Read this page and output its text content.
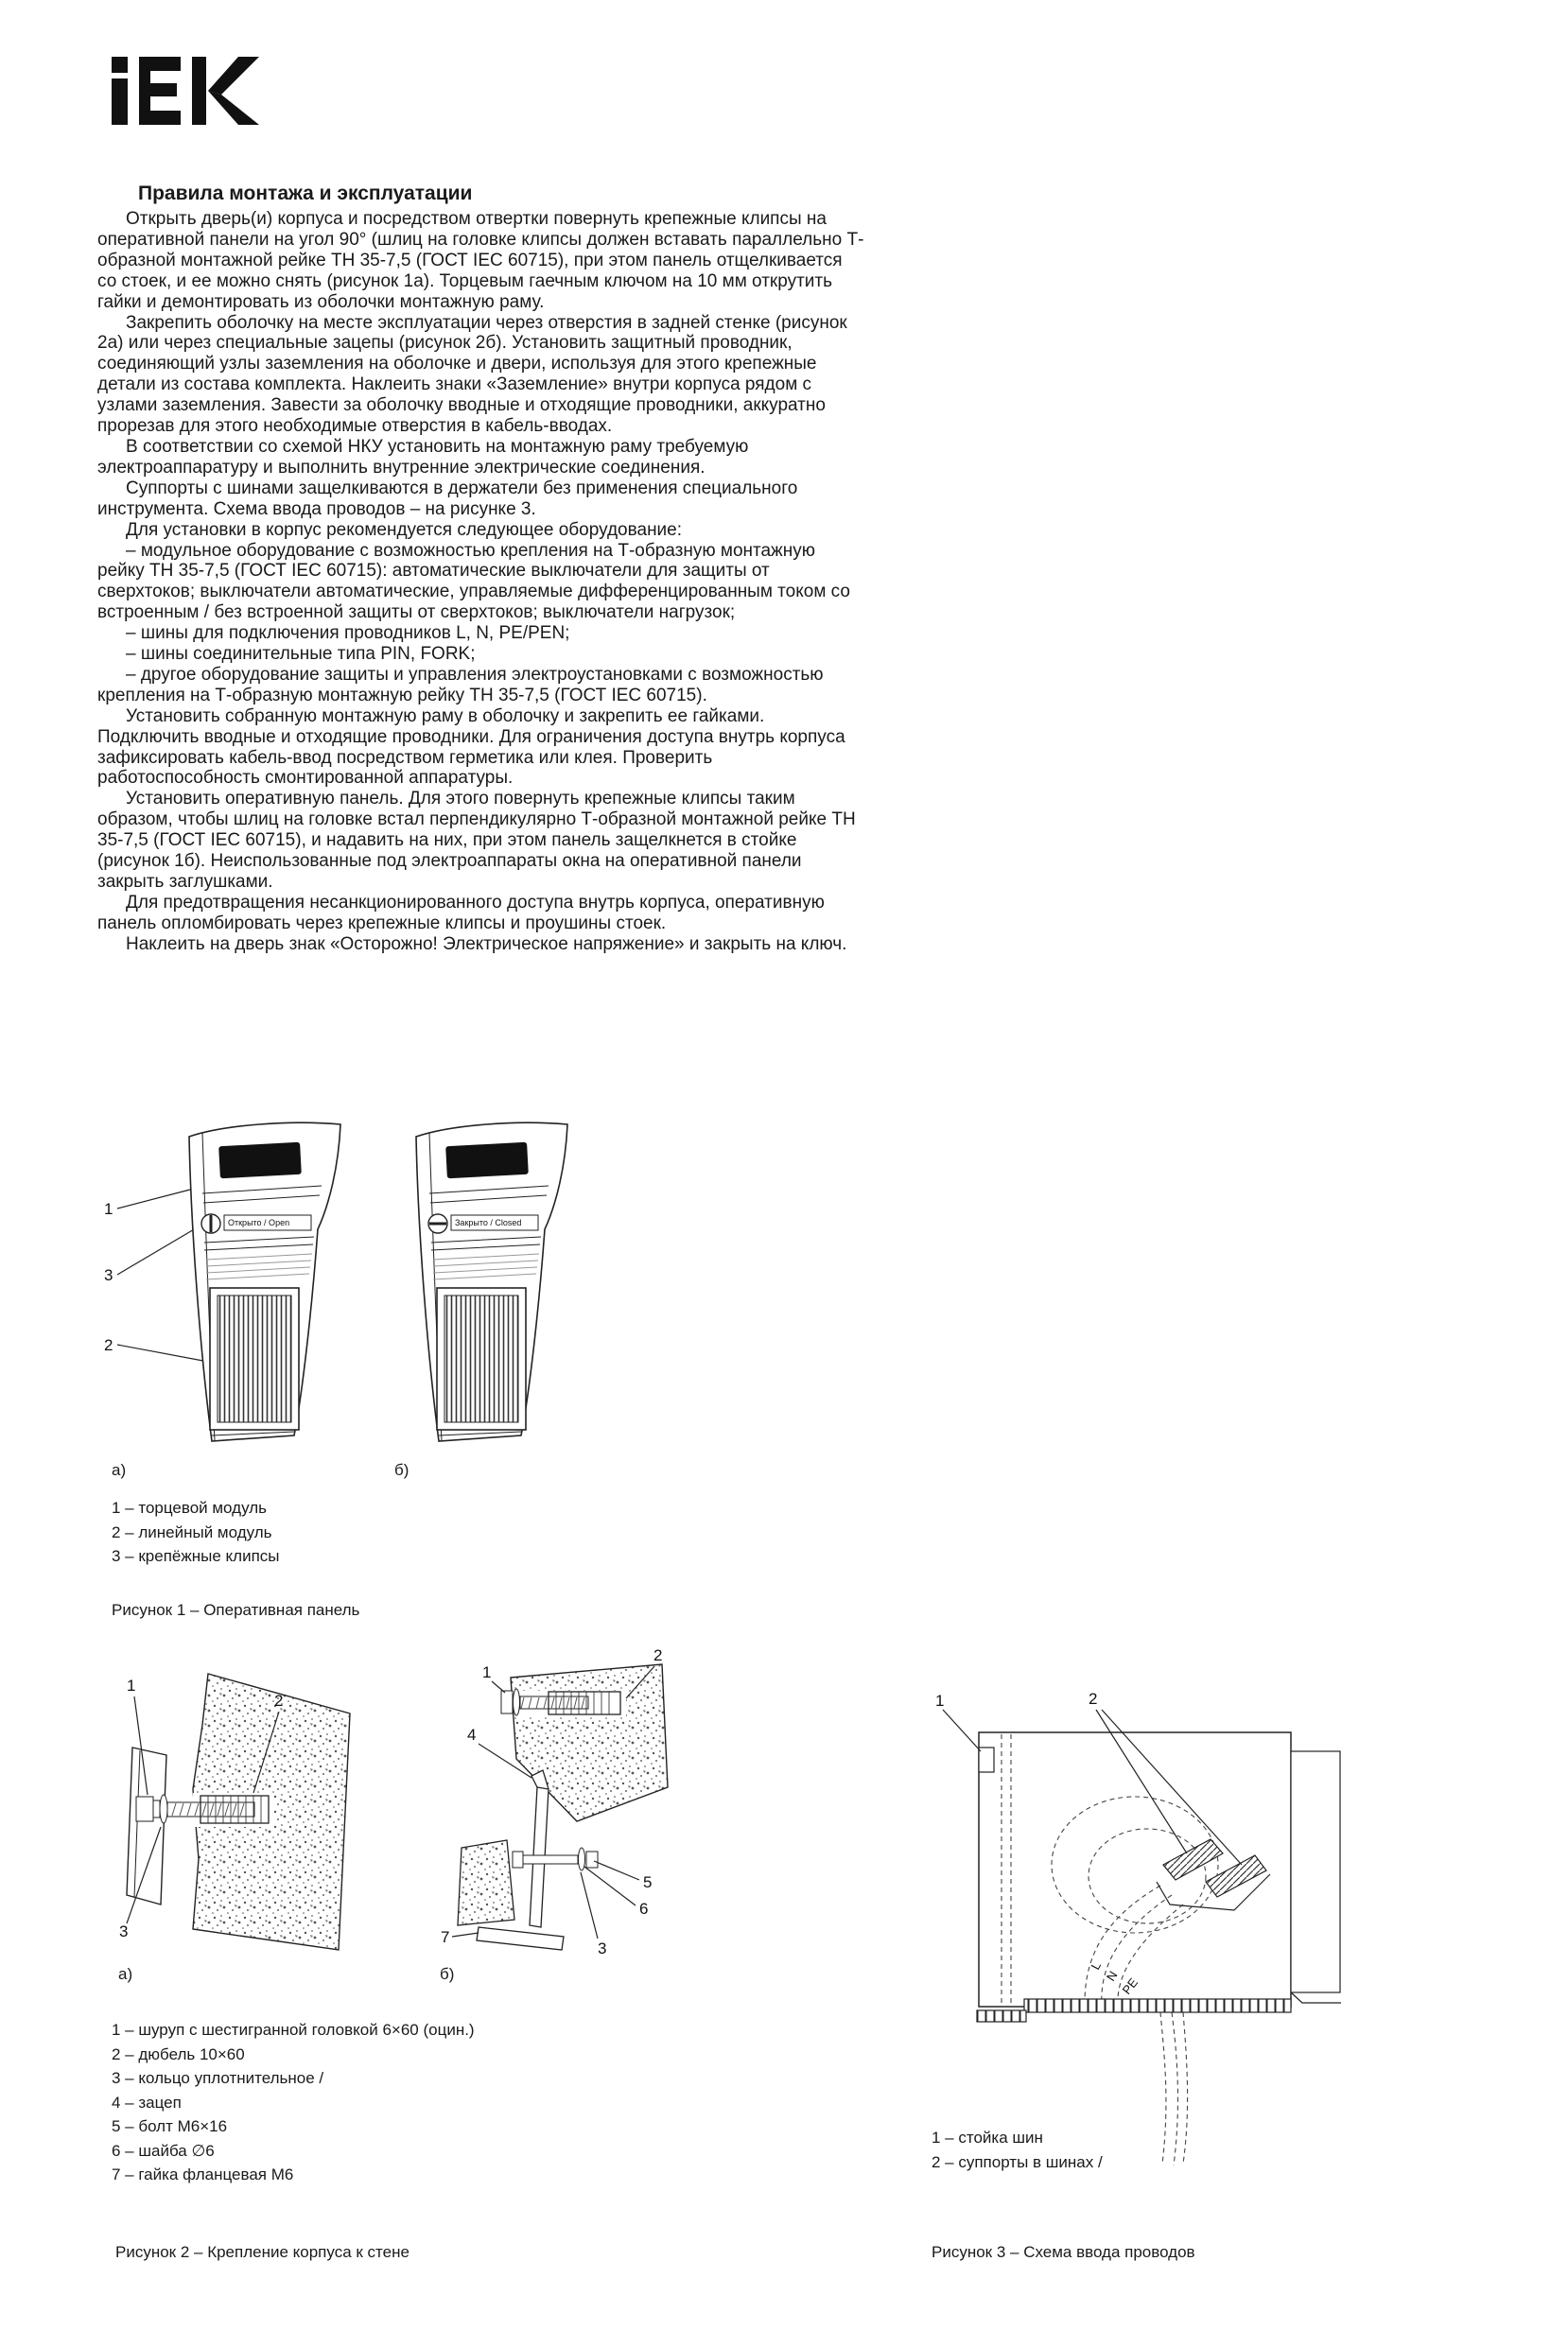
Правила монтажа и эксплуатации

Открыть дверь(и) корпуса и посредством отвертки повернуть крепежные клипсы на оперативной панели на угол 90° (шлиц на головке клипсы должен вставать параллельно Т-образной монтажной рейке ТН 35-7,5 (ГОСТ IEC 60715), при этом панель отщелкивается со стоек, и ее можно снять (рисунок 1а). Торцевым гаечным ключом на 10 мм открутить гайки и демонтировать из оболочки монтажную раму.

Закрепить оболочку на месте эксплуатации через отверстия в задней стенке (рисунок 2а) или через специальные зацепы (рисунок 2б). Установить защитный проводник, соединяющий узлы заземления на оболочке и двери, используя для этого крепежные детали из состава комплекта. Наклеить знаки «Заземление» внутри корпуса рядом с узлами заземления. Завести за оболочку вводные и отходящие проводники, аккуратно прорезав для этого необходимые отверстия в кабель-вводах.

В соответствии со схемой НКУ установить на монтажную раму требуемую электроаппаратуру и выполнить внутренние электрические соединения.

Суппорты с шинами защелкиваются в держатели без применения специального инструмента. Схема ввода проводов – на рисунке 3.

Для установки в корпус рекомендуется следующее оборудование:

– модульное оборудование с возможностью крепления на Т-образную монтажную рейку ТН 35-7,5 (ГОСТ IEC 60715): автоматические выключатели для защиты от сверхтоков; выключатели автоматические, управляемые дифференцированным током со встроенным / без встроенной защиты от сверхтоков; выключатели нагрузок;

– шины для подключения проводников L, N, PE/PEN;

– шины соединительные типа PIN, FORK;

– другое оборудование защиты и управления электроустановками с возможностью крепления на Т-образную монтажную рейку ТН 35-7,5 (ГОСТ IEC 60715).

Установить собранную монтажную раму в оболочку и закрепить ее гайками. Подключить вводные и отходящие проводники. Для ограничения доступа внутрь корпуса зафиксировать кабель-ввод посредством герметика или клея. Проверить работоспособность смонтированной аппаратуры.

Установить оперативную панель. Для этого повернуть крепежные клипсы таким образом, чтобы шлиц на головке встал перпендикулярно Т-образной монтажной рейке ТН 35-7,5 (ГОСТ IEC 60715), и надавить на них, при этом панель защелкнется в стойке (рисунок 1б). Неиспользованные под электроаппараты окна на оперативной панели закрыть заглушками.

Для предотвращения несанкционированного доступа внутрь корпуса, оперативную панель опломбировать через крепежные клипсы и проушины стоек.

Наклеить на дверь знак «Осторожно! Электрическое напряжение» и закрыть на ключ.

1
3
2
iEK
Открыто / Open
iEK
Закрыто / Closed
а)	б)
1 – торцевой модуль
2 – линейный модуль
3 – крепёжные клипсы
Рисунок 1 – Оперативная панель
1
2
3
1
2
4
5
6
7
3
L
N PE
1	2
а)	б)
1 – шуруп с шестигранной головкой 6×60 (оцин.)
2 – дюбель 10×60
3 – кольцо уплотнительное /
4 – зацеп
5 – болт М6×16
6 – шайба ∅6
7 – гайка фланцевая М6
1 – стойка шин
2 – суппорты в шинах /
Рисунок 2 – Крепление корпуса к стене	Рисунок 3 – Схема ввода проводов
